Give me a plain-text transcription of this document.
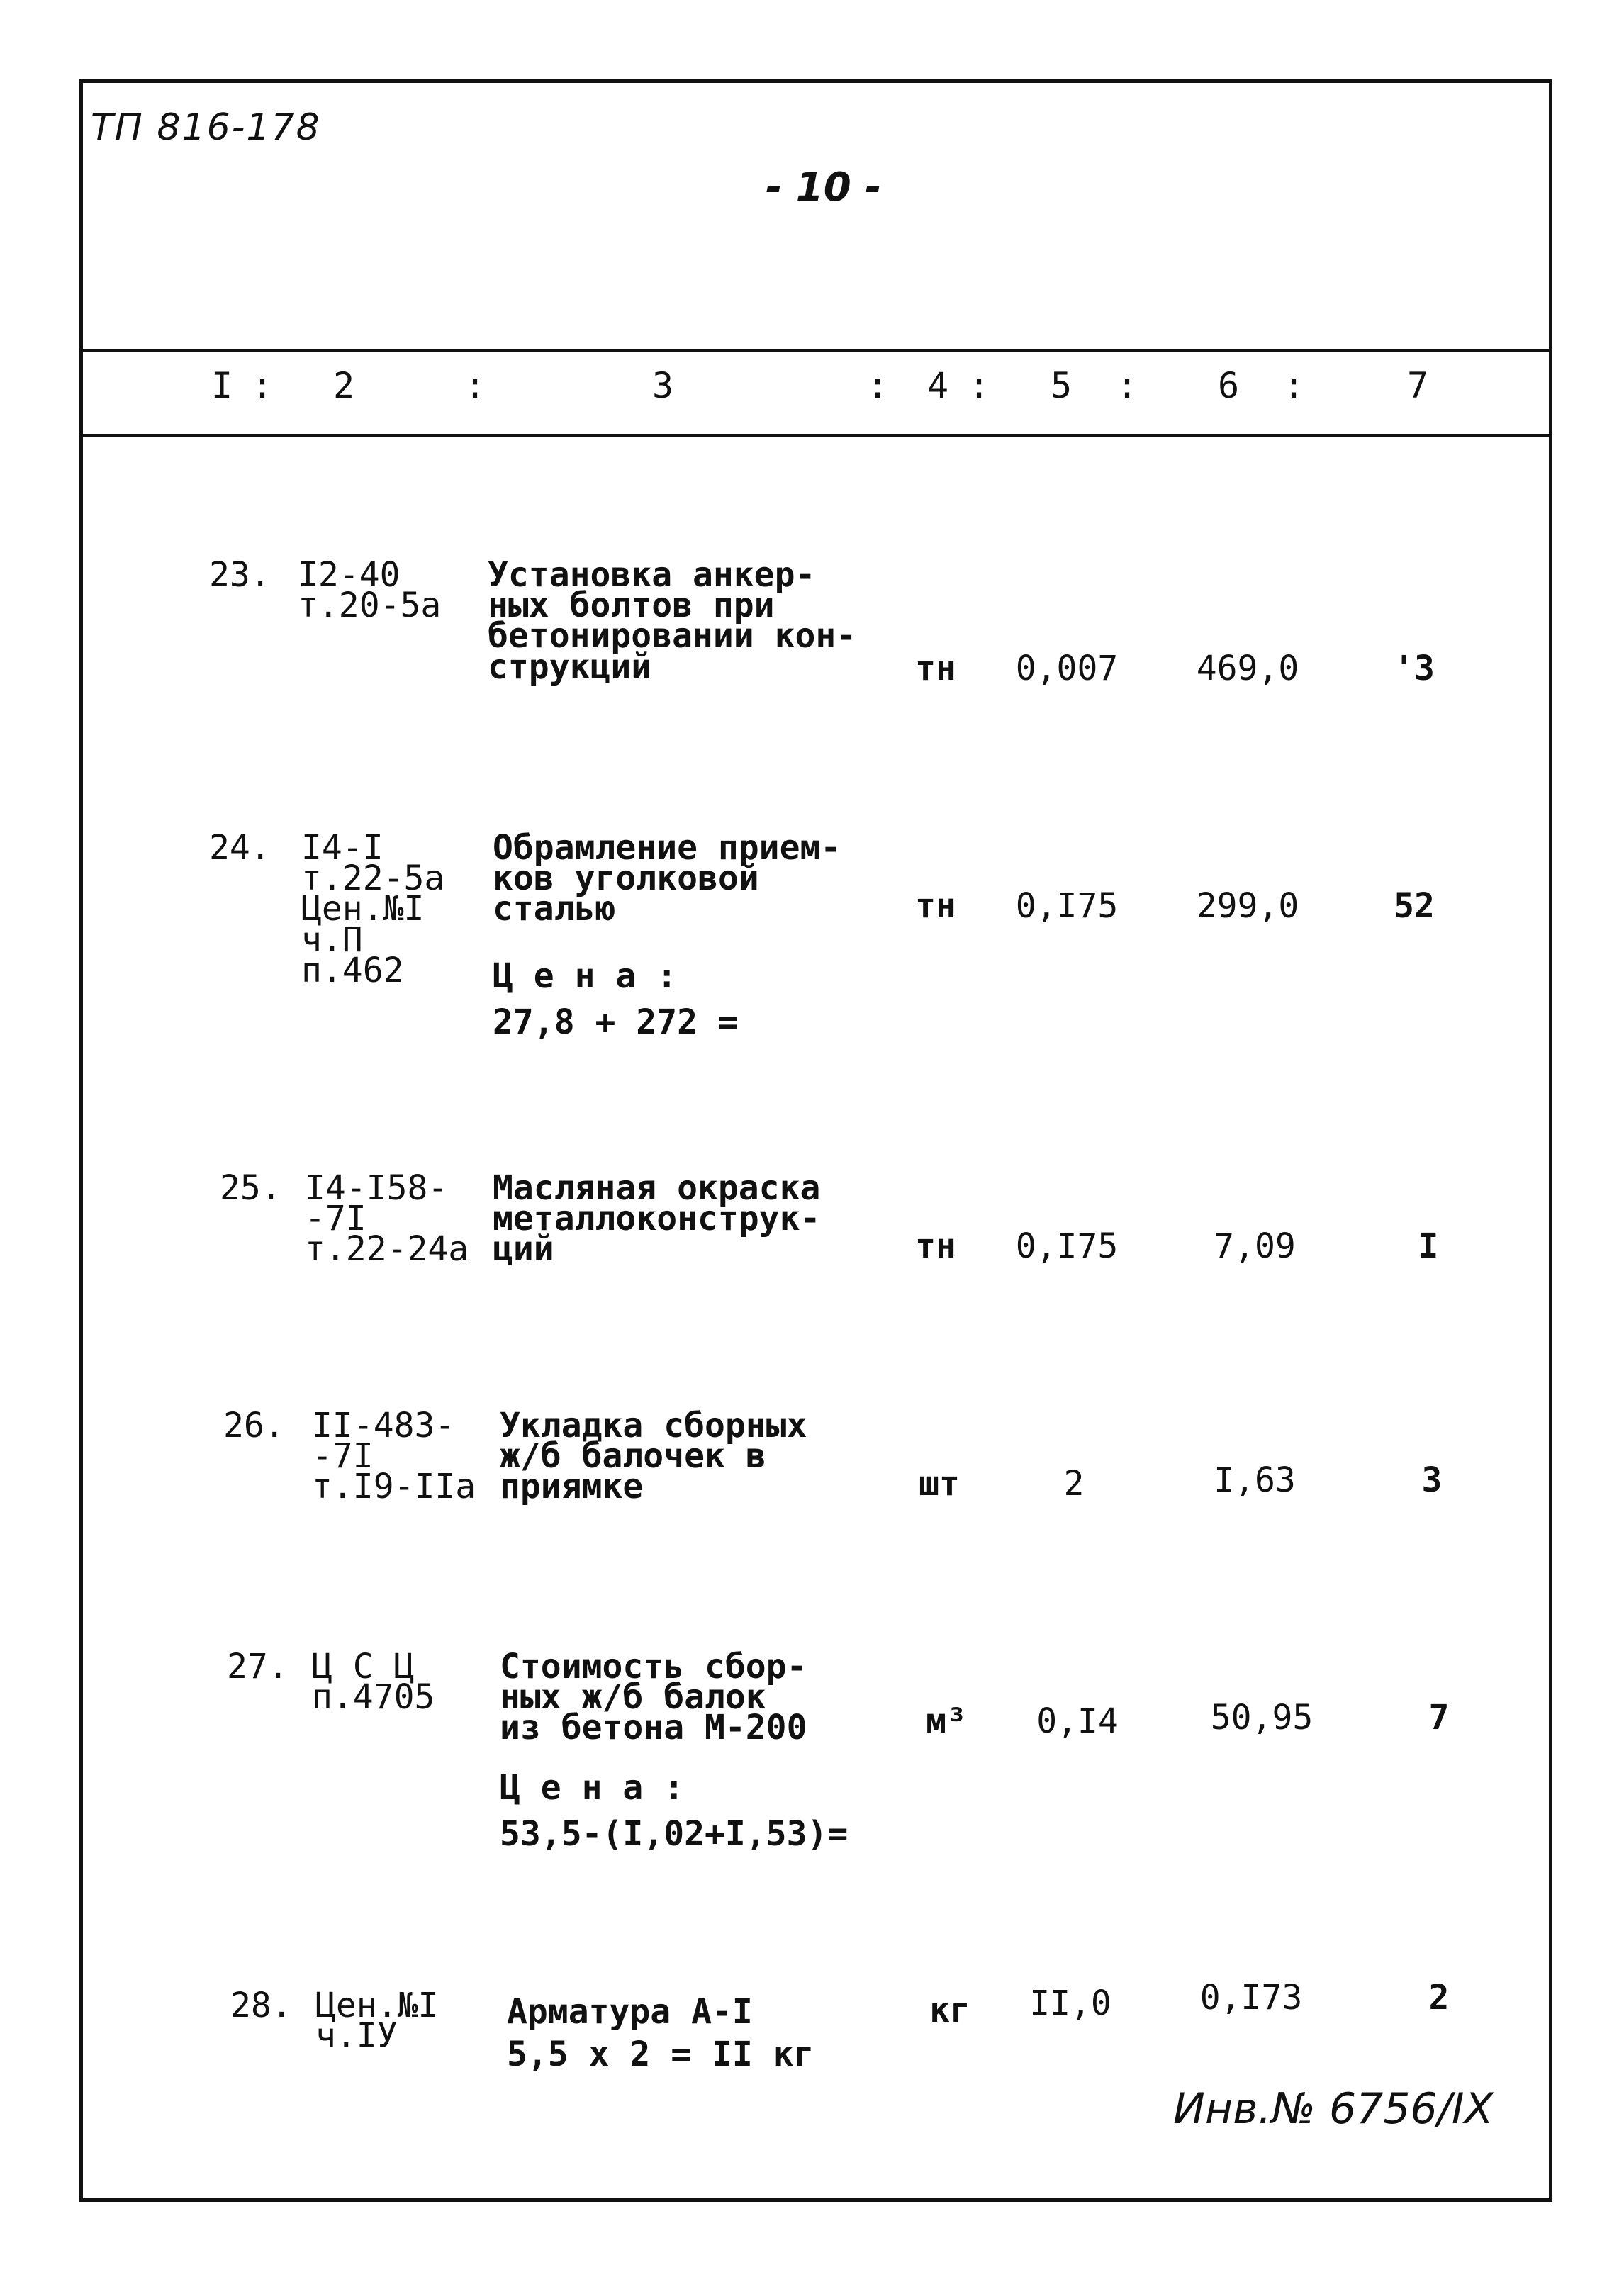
ТП 816-178
- 10 -
I : 2	:	3	: 4 : 5 : 6 :	7
23. I2-40
т.20-5а
Установка анкер-
ных болтов при
бетонировании кон-
струкций	тн	0,007	469,0	'3
24. I4-I
т.22-5а
Цен.№I
ч.П
п.462
Обрамление прием-
ков уголковой
сталью
Ц е н а :
27,8 + 272 =
тн	0,I75	299,0	52
25. I4-I58-
-7I
т.22-24а
Масляная окраска
металлоконструк-
ций	тн	0,I75	7,09	I
26. II-483-
-7I
т.I9-IIа
Укладка сборных
ж/б балочек в
приямке	шт	2	I,63	3
27. Ц С Ц
п.4705
Стоимость сбор-
ных ж/б балок
из бетона М-200
Ц е н а :
53,5-(I,02+I,53)=
м³	0,I4	50,95	7
28. Цен.№I
ч.IУ
Арматура А-I
5,5 х 2 = II кг
кг	II,0	0,I73	2
Инв.№ 6756/IX
